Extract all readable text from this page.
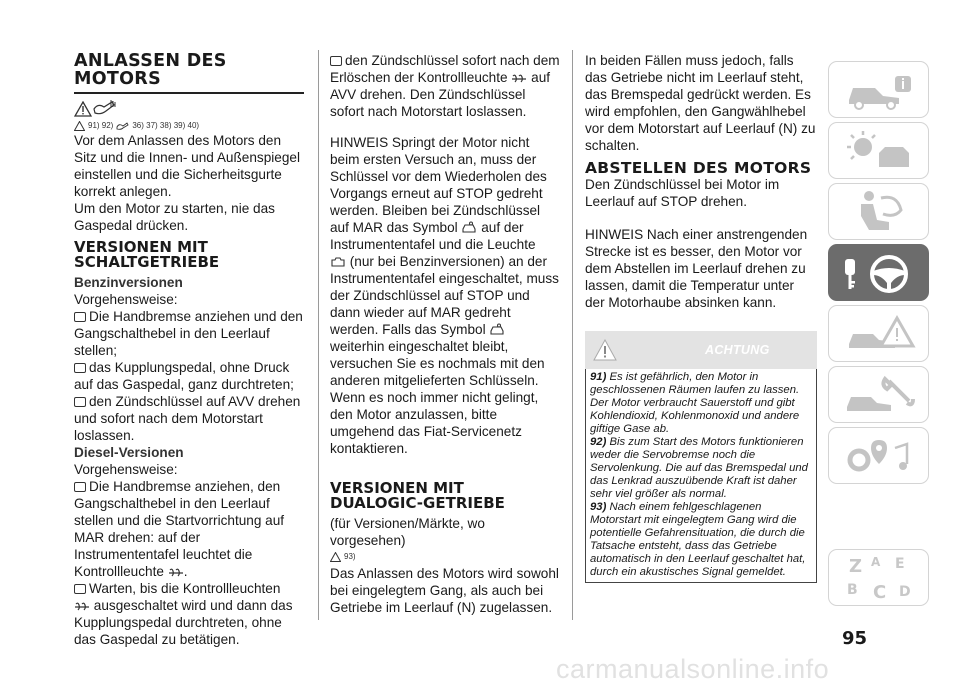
ANLASSEN DES MOTORS
91) 92) 36) 37) 38) 39) 40)

Vor dem Anlassen des Motors den Sitz und die Innen- und Außenspiegel einstellen und die Sicherheitsgurte korrekt anlegen.

Um den Motor zu starten, nie das Gaspedal drücken.

VERSIONEN MIT SCHALTGETRIEBE
Benzinversionen

Vorgehensweise:

Die Handbremse anziehen und den Gangschalthebel in den Leerlauf stellen;

das Kupplungspedal, ohne Druck auf das Gaspedal, ganz durchtreten;

den Zündschlüssel auf AVV drehen und sofort nach dem Motorstart loslassen.

Diesel-Versionen

Vorgehensweise:

Die Handbremse anziehen, den Gangschalthebel in den Leerlauf stellen und die Startvorrichtung auf MAR drehen: auf der Instrumententafel leuchtet die Kontrollleuchte .

Warten, bis die Kontrollleuchten
ausgeschaltet wird und dann das Kupplungspedal durchtreten, ohne das Gaspedal zu betätigen.

den Zündschlüssel sofort nach dem Erlöschen der Kontrollleuchte auf AVV drehen. Den Zündschlüssel sofort nach Motorstart loslassen.

HINWEIS Springt der Motor nicht beim ersten Versuch an, muss der Schlüssel vor dem Wiederholen des Vorgangs erneut auf STOP gedreht werden. Bleiben bei Zündschlüssel auf MAR das Symbol auf der Instrumententafel und die Leuchte
(nur bei Benzinversionen) an der Instrumententafel eingeschaltet, muss der Zündschlüssel auf STOP und dann wieder auf MAR gedreht werden. Falls das Symbol  weiterhin eingeschaltet bleibt, versuchen Sie es nochmals mit den anderen mitgelieferten Schlüsseln. Wenn es noch immer nicht gelingt, den Motor anzulassen, bitte umgehend das Fiat-Servicenetz kontaktieren.

VERSIONEN MIT DUALOGIC-GETRIEBE

(für Versionen/Märkte, wo vorgesehen)

93)

Das Anlassen des Motors wird sowohl bei eingelegtem Gang, als auch bei Getriebe im Leerlauf (N) zugelassen.

In beiden Fällen muss jedoch, falls das Getriebe nicht im Leerlauf steht, das Bremspedal gedrückt werden. Es wird empfohlen, den Gangwählhebel vor dem Motorstart auf Leerlauf (N) zu schalten.

ABSTELLEN DES MOTORS

Den Zündschlüssel bei Motor im Leerlauf auf STOP drehen.

HINWEIS Nach einer anstrengenden Strecke ist es besser, den Motor vor dem Abstellen im Leerlauf drehen zu lassen, damit die Temperatur unter der Motorhaube absinken kann.

ACHTUNG

91) Es ist gefährlich, den Motor in geschlossenen Räumen laufen zu lassen. Der Motor verbraucht Sauerstoff und gibt Kohlendioxid, Kohlenmonoxid und andere giftige Gase ab.

92) Bis zum Start des Motors funktionieren weder die Servobremse noch die Servolenkung. Die auf das Bremspedal und das Lenkrad auszuübende Kraft ist daher sehr viel größer als normal.

93) Nach einem fehlgeschlagenen Motorstart mit eingelegtem Gang wird die potentielle Gefahrensituation, die durch die Tatsache entsteht, dass das Getriebe automatisch in den Leerlauf geschaltet hat, durch ein akustisches Signal gemeldet.	Z A E
B C D
95
carmanualsonline.info
